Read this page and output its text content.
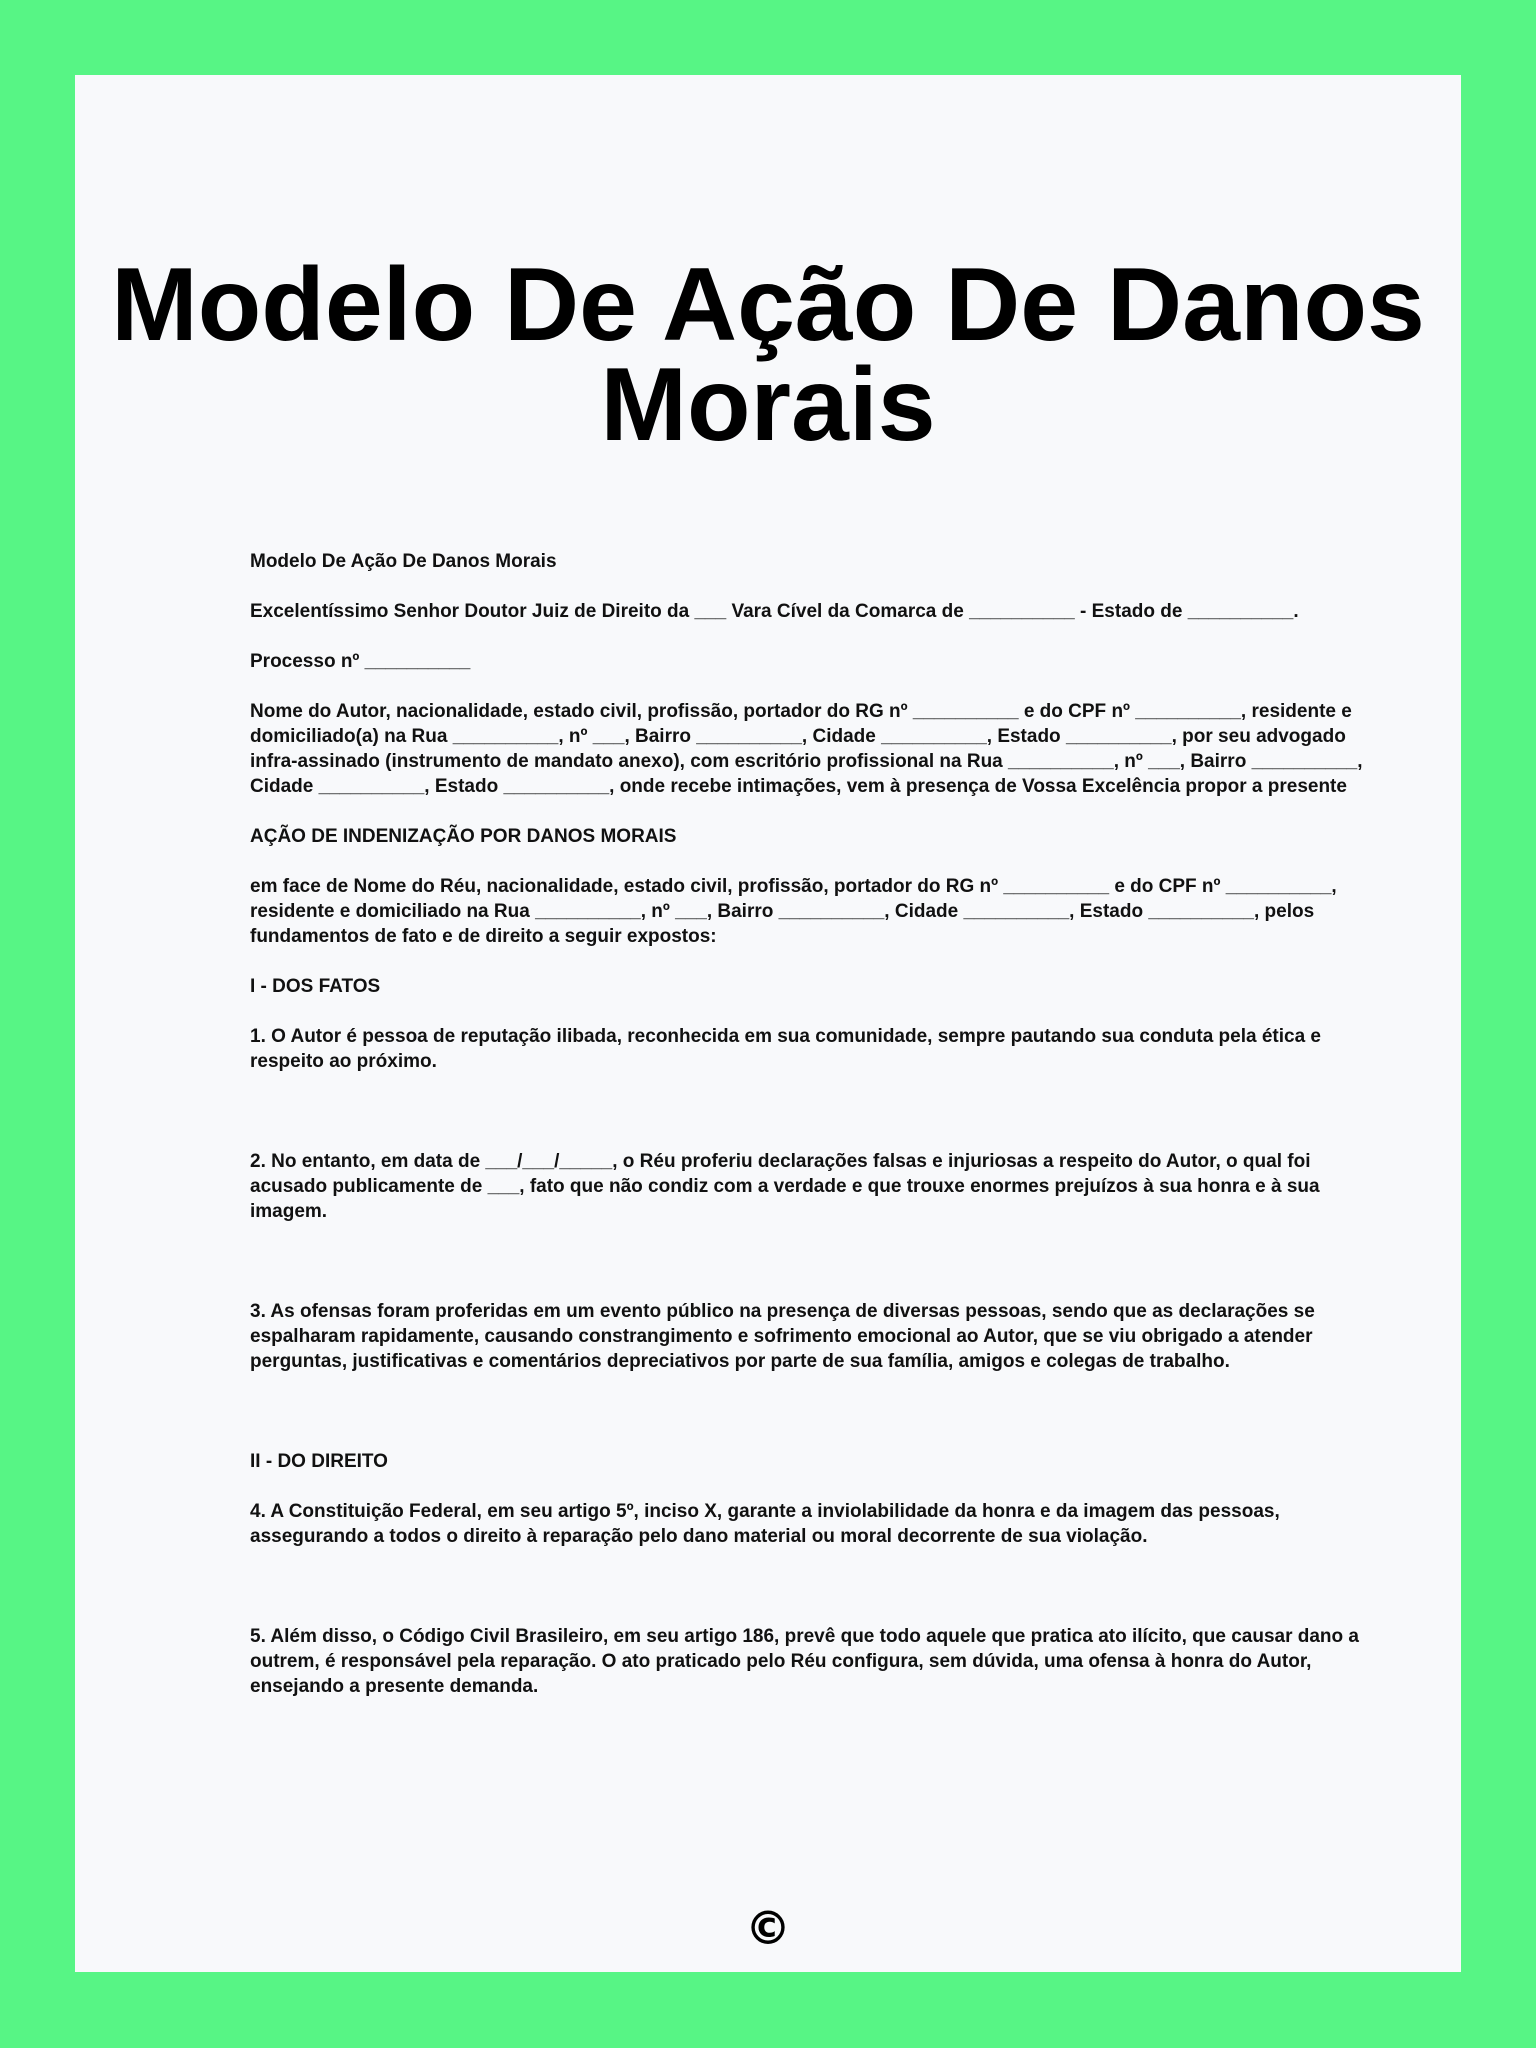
Modelo De Ação De Danos Morais

Modelo De Ação De Danos Morais

Excelentíssimo Senhor Doutor Juiz de Direito da ___ Vara Cível da Comarca de __________ - Estado de __________.

Processo nº __________

Nome do Autor, nacionalidade, estado civil, profissão, portador do RG nº __________ e do CPF nº __________, residente e domiciliado(a) na Rua __________, nº ___, Bairro __________, Cidade __________, Estado __________, por seu advogado infra-assinado (instrumento de mandato anexo), com escritório profissional na Rua __________, nº ___, Bairro __________, Cidade __________, Estado __________, onde recebe intimações, vem à presença de Vossa Excelência propor a presente

AÇÃO DE INDENIZAÇÃO POR DANOS MORAIS

em face de Nome do Réu, nacionalidade, estado civil, profissão, portador do RG nº __________ e do CPF nº __________, residente e domiciliado na Rua __________, nº ___, Bairro __________, Cidade __________, Estado __________, pelos fundamentos de fato e de direito a seguir expostos:

I - DOS FATOS

1. O Autor é pessoa de reputação ilibada, reconhecida em sua comunidade, sempre pautando sua conduta pela ética e respeito ao próximo.

2. No entanto, em data de ___/___/_____, o Réu proferiu declarações falsas e injuriosas a respeito do Autor, o qual foi acusado publicamente de ___, fato que não condiz com a verdade e que trouxe enormes prejuízos à sua honra e à sua imagem.

3. As ofensas foram proferidas em um evento público na presença de diversas pessoas, sendo que as declarações se espalharam rapidamente, causando constrangimento e sofrimento emocional ao Autor, que se viu obrigado a atender perguntas, justificativas e comentários depreciativos por parte de sua família, amigos e colegas de trabalho.

II - DO DIREITO

4. A Constituição Federal, em seu artigo 5º, inciso X, garante a inviolabilidade da honra e da imagem das pessoas, assegurando a todos o direito à reparação pelo dano material ou moral decorrente de sua violação.

5. Além disso, o Código Civil Brasileiro, em seu artigo 186, prevê que todo aquele que pratica ato ilícito, que causar dano a outrem, é responsável pela reparação. O ato praticado pelo Réu configura, sem dúvida, uma ofensa à honra do Autor, ensejando a presente demanda.

©
